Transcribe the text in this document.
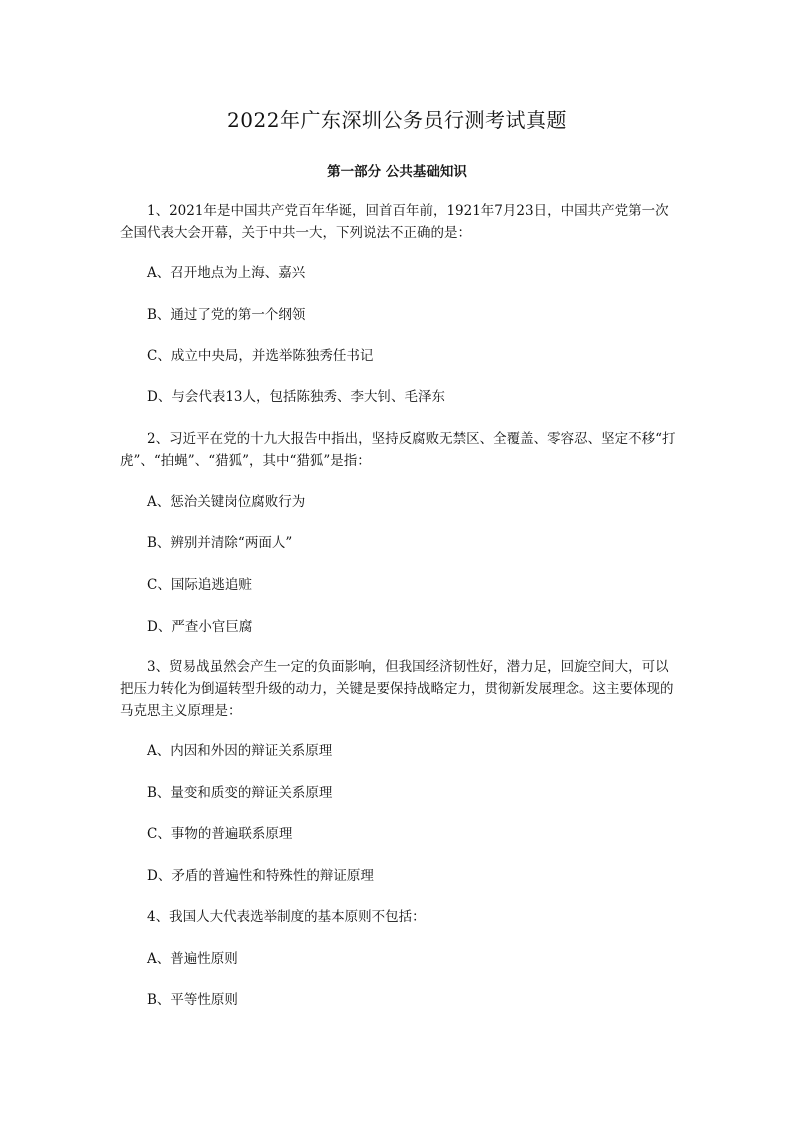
2022年广东深圳公务员行测考试真题
第一部分 公共基础知识

1、2021年是中国共产党百年华诞，回首百年前，1921年7月23日，中国共产党第一次全国代表大会开幕，关于中共一大，下列说法不正确的是：

A、召开地点为上海、嘉兴

B、通过了党的第一个纲领

C、成立中央局，并选举陈独秀任书记

D、与会代表13人，包括陈独秀、李大钊、毛泽东

2、习近平在党的十九大报告中指出，坚持反腐败无禁区、全覆盖、零容忍、坚定不移“打虎”、“拍蝇”、“猎狐”，其中“猎狐”是指：

A、惩治关键岗位腐败行为

B、辨别并清除“两面人”

C、国际追逃追赃

D、严查小官巨腐

3、贸易战虽然会产生一定的负面影响，但我国经济韧性好，潜力足，回旋空间大，可以把压力转化为倒逼转型升级的动力，关键是要保持战略定力，贯彻新发展理念。这主要体现的马克思主义原理是：

A、内因和外因的辩证关系原理

B、量变和质变的辩证关系原理

C、事物的普遍联系原理

D、矛盾的普遍性和特殊性的辩证原理

4、我国人大代表选举制度的基本原则不包括：

A、普遍性原则

B、平等性原则
